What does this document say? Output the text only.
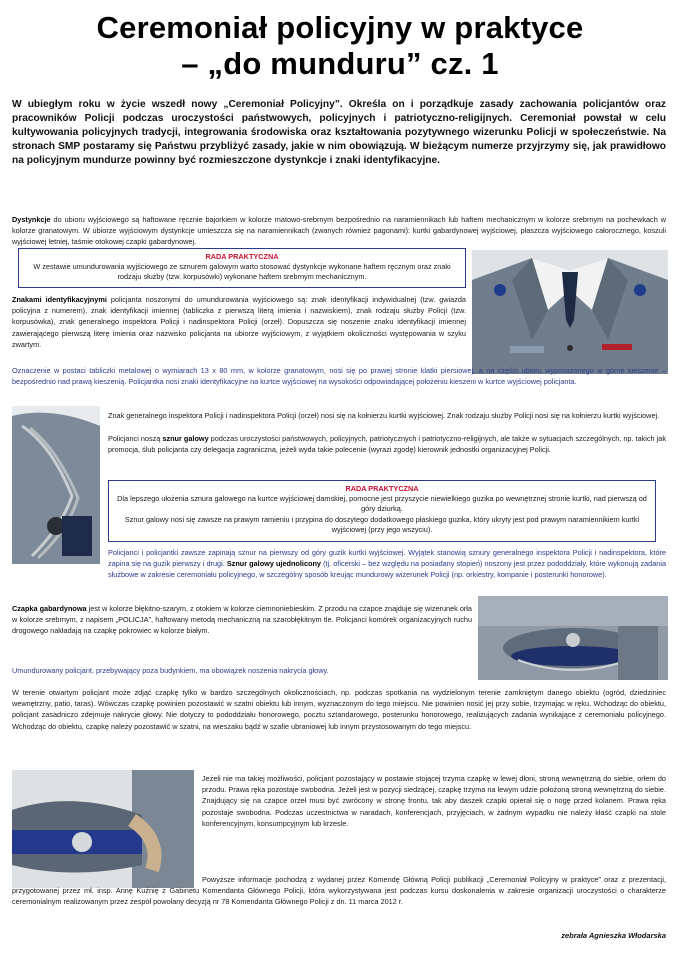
Ceremoniał policyjny w praktyce
– „do munduru” cz. 1

W ubiegłym roku w życie wszedł nowy „Ceremoniał Policyjny”. Określa on i porządkuje zasady zachowania policjantów oraz pracowników Policji podczas uroczystości państwowych, policyjnych i patriotyczno-religijnych. Ceremoniał powstał w celu kultywowania policyjnych tradycji, integrowania środowiska oraz kształtowania pozytywnego wizerunku Policji w społeczeństwie. Na stronach SMP postaramy się Państwu przybliżyć zasady, jakie w nim obowiązują. W bieżącym numerze przyjrzymy się, jak prawidłowo na policyjnym mundurze powinny być rozmieszczone dystynkcje i znaki identyfikacyjne.

Dystynkcje do ubioru wyjściowego są haftowane ręcznie bajorkiem w kolorze matowo-srebrnym bezpośrednio na naramiennikach lub haftem mechanicznym w kolorze srebrnym na pochewkach w kolorze granatowym. W ubiorze wyjściowym dystynkcje umieszcza się na naramiennikach (zwanych również pagonami): kurtki gabardynowej wyjściowej, płaszcza wyjściowego całorocznego, koszuli wyjściowej letniej, taśmie otokowej czapki gabardynowej.

RADA PRAKTYCZNA
W zestawie umundurowania wyjściowego ze sznurem galowym warto stosować dystynkcje wykonane haftem ręcznym oraz znaki rodzaju służby (tzw. korpusówki) wykonane haftem srebrnym mechanicznym.

Znakami identyfikacyjnymi policjanta noszonymi do umundurowania wyjściowego są: znak identyfikacji indywidualnej (tzw. gwiazda policyjna z numerem), znak identyfikacji imiennej (tabliczka z pierwszą literą imienia i nazwiskiem), znak rodzaju służby Policji (tzw. korpusówka), znak generalnego inspektora Policji i nadinspektora Policji (orzeł). Dopuszcza się noszenie znaku identyfikacji imiennej zawierającego pierwszą literę imienia oraz nazwisko policjanta na ubiorze wyjściowym, z wyjątkiem okoliczności występowania w szyku zwartym.

Oznaczenie w postaci tabliczki metalowej o wymiarach 13 x 80 mm, w kolorze granatowym, nosi się po prawej stronie klatki piersiowej, a na części ubioru wyposażonego w górne kieszenie – bezpośrednio nad prawą kieszenią. Policjantka nosi znaki identyfikacyjne na kurtce wyjściowej na wysokości odpowiadającej położeniu kieszeni w kurtce wyjściowej policjanta.

Znak generalnego inspektora Policji i nadinspektora Policji (orzeł) nosi się na kołnierzu kurtki wyjściowej. Znak rodzaju służby Policji nosi się na kołnierzu kurtki wyjściowej.

Policjanci noszą sznur galowy podczas uroczystości państwowych, policyjnych, patriotycznych i patriotyczno-religijnych, ale także w sytuacjach szczególnych, np. takich jak promocja, ślub policjanta czy delegacja zagraniczna, jeżeli wyda takie polecenie (wyrazi zgodę) kierownik jednostki organizacyjnej Policji.

RADA PRAKTYCZNA
Dla lepszego ułożenia sznura galowego na kurtce wyjściowej damskiej, pomocne jest przyszycie niewielkiego guzika po wewnętrznej stronie kurtki, nad pierwszą od góry dziurką.
Sznur galowy nosi się zawsze na prawym ramieniu i przypina do doszytego dodatkowego płaskiego guzika, który ukryty jest pod prawym naramiennikiem kurtki wyjściowej (przy jego wszyciu).

Policjanci i policjantki zawsze zapinają sznur na pierwszy od góry guzik kurtki wyjściowej. Wyjątek stanowią sznury generalnego inspektora Policji i nadinspektora, które zapina się na guzik pierwszy i drugi. Sznur galowy ujednolicony (tj. oficerski – bez względu na posiadany stopień) noszony jest przez pododdziały, które wykonują zadania służbowe w zakresie ceremoniału policyjnego, w szczególny sposób kreując mundurowy wizerunek Policji (np. orkiestry, kompanie i posterunki honorowe).

Czapka gabardynowa jest w kolorze błękitno-szarym, z otokiem w kolorze ciemnoniebieskim. Z przodu na czapce znajduje się wizerunek orła w kolorze srebrnym, z napisem „POLICJA”, haftowany metodą mechaniczną na szarobłękitnym tle. Policjanci komórek organizacyjnych ruchu drogowego nakładają na czapkę pokrowiec w kolorze białym.

Umundurowany policjant, przebywający poza budynkiem, ma obowiązek noszenia nakrycia głowy.

W terenie otwartym policjant może zdjąć czapkę tylko w bardzo szczególnych okolicznościach, np. podczas spotkania na wydzielonym terenie zamkniętym danego obiektu (ogród, dziedziniec wewnętrzny, patio, taras). Wówczas czapkę powinien pozostawić w szatni obiektu lub innym, wyznaczonym do tego miejscu. Nie powinien nosić jej przy sobie, trzymając w ręku. Wchodząc do obiektu, policjant zasadniczo zdejmuje nakrycie głowy. Nie dotyczy to pododdziału honorowego, pocztu sztandarowego, posterunku honorowego, realizujących zadania wynikające z ceremoniału policyjnego. Wchodząc do obiektu, czapkę należy pozostawić w szatni, na wieszaku bądź w szafie ubraniowej lub innym przystosowanym do tego miejscu.

Jeżeli nie ma takiej możliwości, policjant pozostający w postawie stojącej trzyma czapkę w lewej dłoni, stroną wewnętrzną do siebie, orłem do przodu. Prawa ręka pozostaje swobodna. Jeżeli jest w pozycji siedzącej, czapkę trzyma na lewym udzie położoną stroną wewnętrzną do siebie. Znajdujący się na czapce orzeł musi być zwrócony w stronę frontu, tak aby daszek czapki opierał się o nogę przed kolanem. Prawa ręka pozostaje swobodna. Podczas uczestnictwa w naradach, konferencjach, przyjęciach, w żadnym wypadku nie należy kłaść czapki na stole konferencyjnym, konsumpcyjnym lub krzesle.

Powyższe informacje pochodzą z wydanej przez Komendę Główną Policji publikacji „Ceremoniał Policyjny w praktyce” oraz z prezentacji, przygotowanej przez mł. insp. Annę Kuźnię z Gabinetu Komendanta Głównego Policji, która wykorzystywana jest podczas kursu doskonalenia w zakresie organizacji uroczystości o charakterze ceremonialnym realizowanym przez zespół powołany decyzją nr 78 Komendanta Głównego Policji z dn. 11 marca 2012 r.

zebrała Agnieszka Włodarska
